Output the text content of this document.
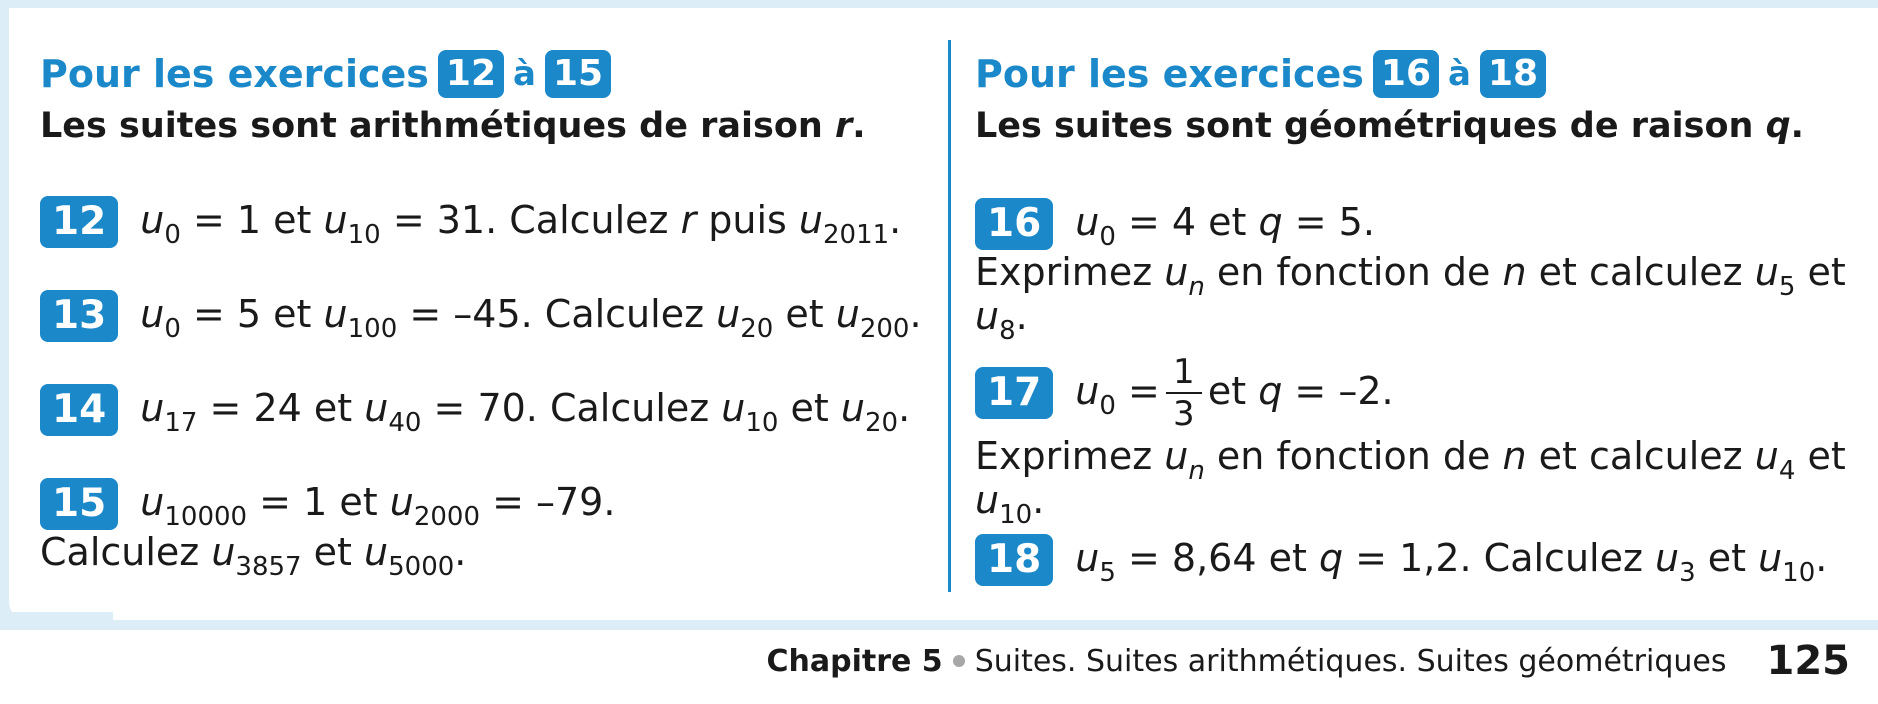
Pour les exercices 12 à 15
Les suites sont arithmétiques de raison r.
12 $u_0 = 1$ et $u_{10} = 31$. Calculez r puis $u_{2011}$.
13 $u_0 = 5$ et $u_{100} = -45$. Calculez $u_{20}$ et $u_{200}$.
14 $u_{17} = 24$ et $u_{40} = 70$. Calculez $u_{10}$ et $u_{20}$.
15 $u_{10000} = 1$ et $u_{2000} = -79$.
Calculez $u_{3857}$ et $u_{5000}$.
Pour les exercices 16 à 18
Les suites sont géométriques de raison q.
16 $u_0 = 4$ et q = 5.
Exprimez $u_n$ en fonction de n et calculez $u_5$ et $u_8$.
17 $u_0 = \frac{1}{3}$ et q = –2.
Exprimez $u_n$ en fonction de n et calculez $u_4$ et $u_{10}$.
18 $u_5 = 8,64$ et q = 1,2. Calculez $u_3$ et $u_{10}$.
Chapitre 5 Suites. Suites arithmétiques. Suites géométriques 125
